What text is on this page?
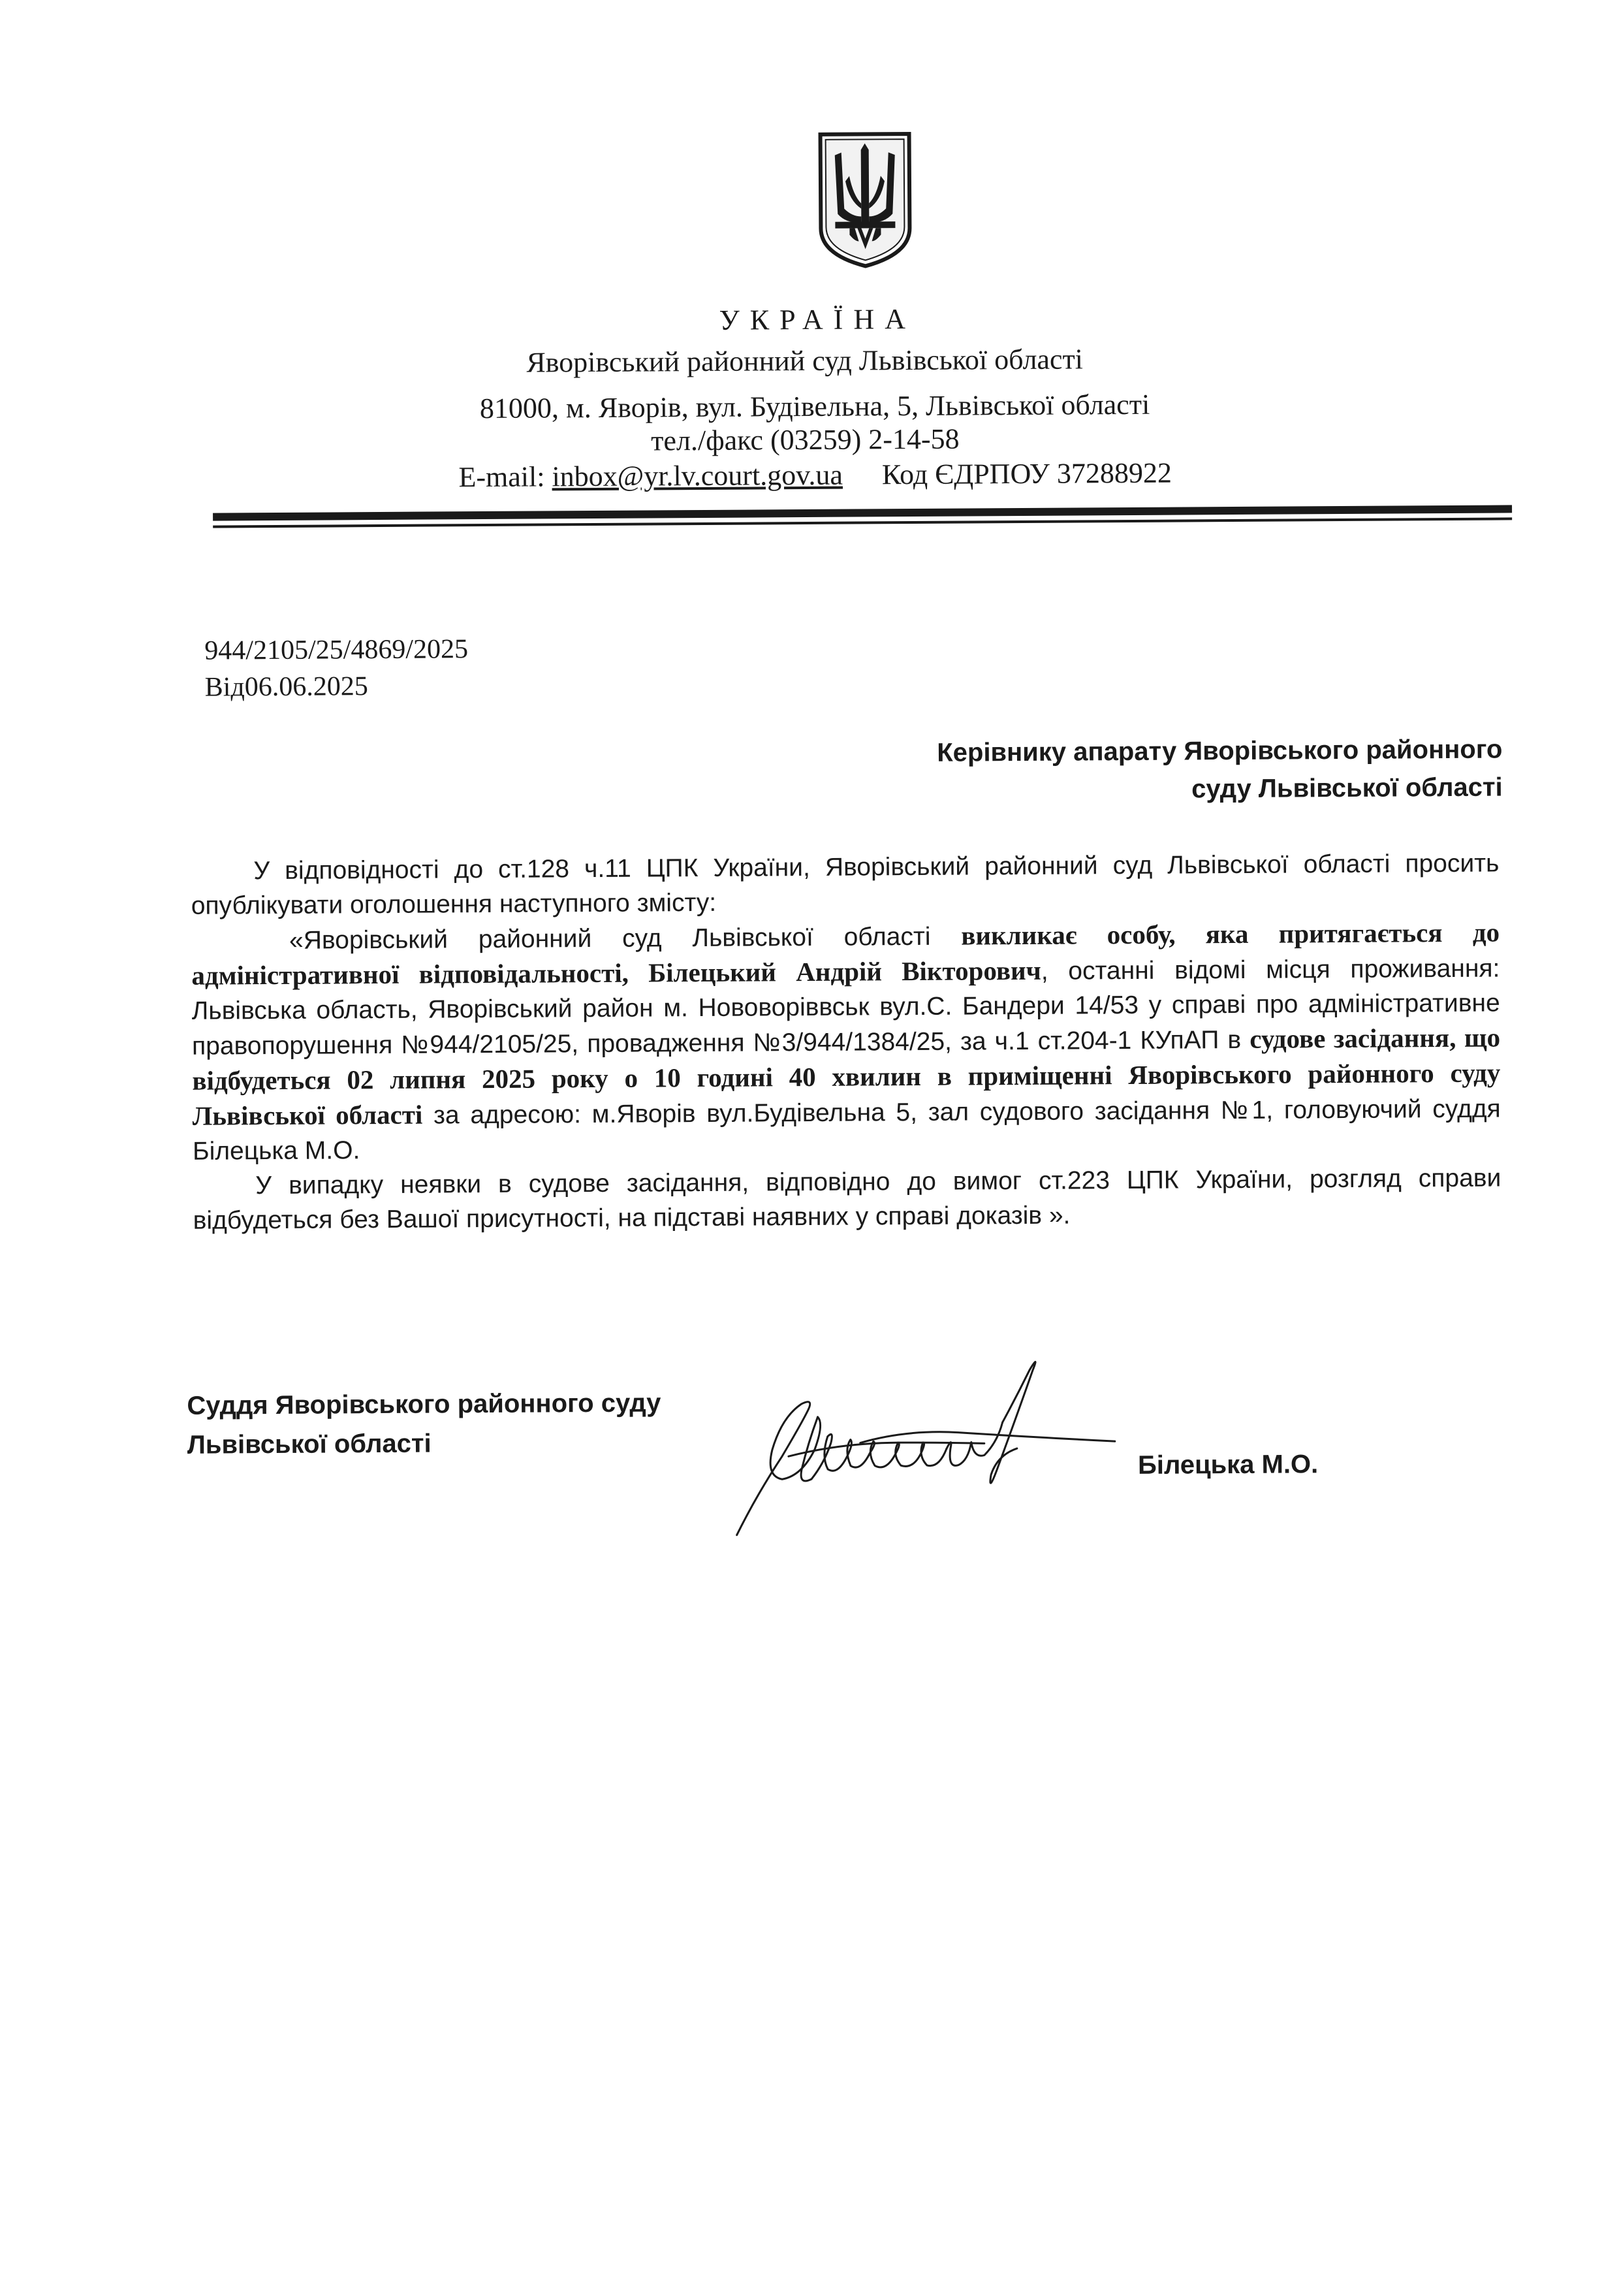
УКРАЇНА
Яворівський районний суд Львівської області
81000, м. Яворів, вул. Будівельна, 5, Львівської області
тел./факс (03259) 2-14-58
E-mail: inbox@yr.lv.court.gov.ua Код ЄДРПОУ 37288922
944/2105/25/4869/2025
Від06.06.2025
Керівнику апарату Яворівського районного
суду Львівської області

У відповідності до ст.128 ч.11 ЦПК України, Яворівський районний суд Львівської області просить опублікувати оголошення наступного змісту:

«Яворівський районний суд Львівської області викликає особу, яка притягається до адміністративної відповідальності, Білецький Андрій Вікторович, останні відомі місця проживання: Львівська область, Яворівський район м. Нововоріввськ вул.С. Бандери 14/53 у справі про адміністративне правопорушення №944/2105/25, провадження №3/944/1384/25, за ч.1 ст.204-1 КУпАП в судове засідання, що відбудеться 02 липня 2025 року о 10 годині 40 хвилин в приміщенні Яворівського районного суду Львівської області за адресою: м.Яворів вул.Будівельна 5, зал судового засідання №1, головуючий суддя Білецька М.О.

У випадку неявки в судове засідання, відповідно до вимог ст.223 ЦПК України, розгляд справи відбудеться без Вашої присутності, на підставі наявних у справі доказів ».

Суддя Яворівського районного суду
Львівської області
Білецька М.О.
